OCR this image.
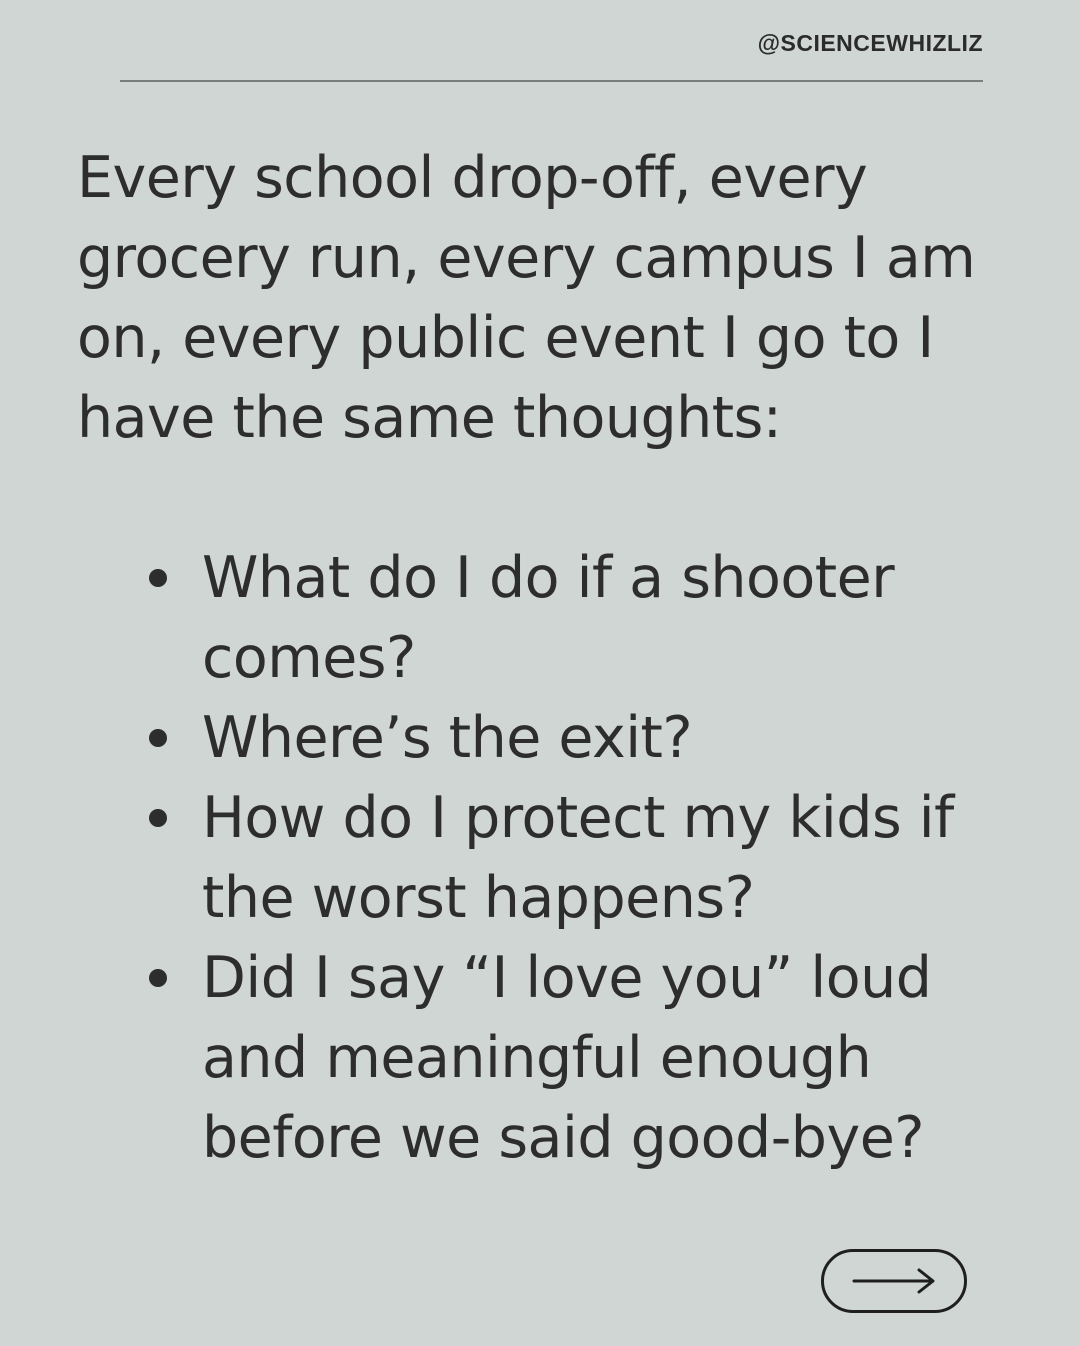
@SCIENCEWHIZLIZ

Every school drop-off, every grocery run, every campus I am on, every public event I go to I have the same thoughts:

What do I do if a shooter comes?
Where’s the exit?
How do I protect my kids if the worst happens?
Did I say “I love you” loud and meaningful enough before we said good-bye?
